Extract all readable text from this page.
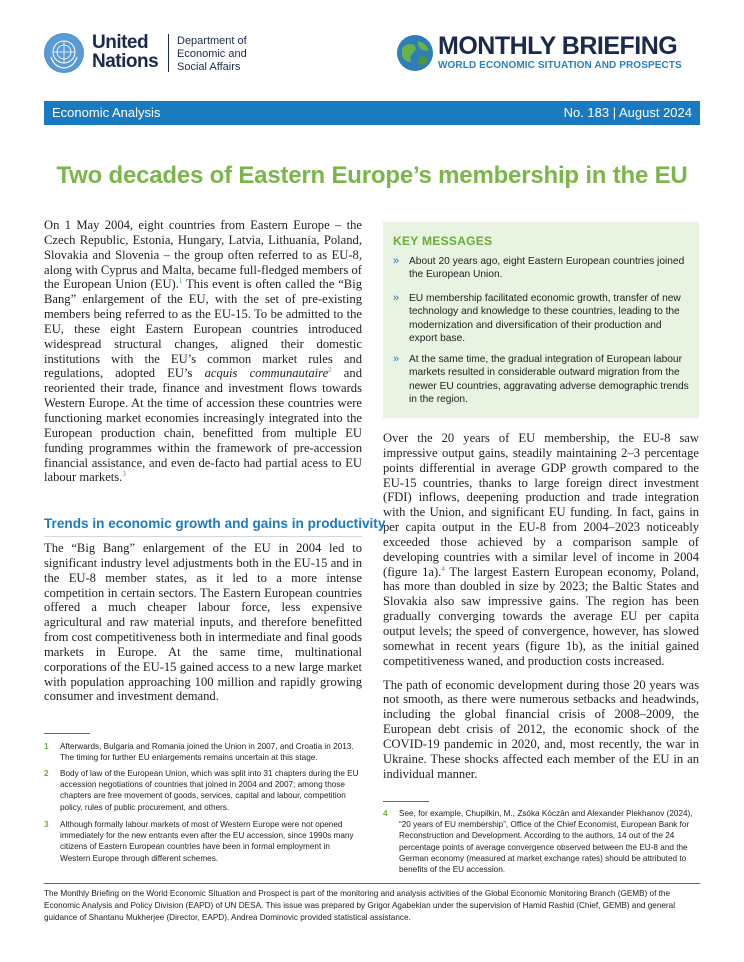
United
Nations
Department of
Economic and
Social Affairs
MONTHLY BRIEFING
WORLD ECONOMIC SITUATION AND PROSPECTS
Economic Analysis	No. 183 | August 2024
Two decades of Eastern Europe’s membership in the EU

On 1 May 2004, eight countries from Eastern Europe – the Czech Republic, Estonia, Hungary, Latvia, Lithuania, Poland, Slovakia and Slovenia – the group often referred to as EU-8, along with Cyprus and Malta, became full-fledged members of the European Union (EU).$^1$ This event is often called the “Big Bang” enlargement of the EU, with the set of pre-existing members being referred to as the EU-15. To be admitted to the EU, these eight Eastern European countries introduced widespread structural changes, aligned their domestic institutions with the EU’s common market rules and regulations, adopted EU’s acquis communautaire$^2$ and reoriented their trade, finance and investment flows towards Western Europe. At the time of accession these countries were functioning market economies increasingly integrated into the European production chain, benefitted from multiple EU funding programmes within the framework of pre-accession financial assistance, and even de-facto had partial acess to EU labour markets.$^3$

Trends in economic growth and gains in productivity

The “Big Bang” enlargement of the EU in 2004 led to significant industry level adjustments both in the EU-15 and in the EU-8 member states, as it led to a more intense competition in certain sectors. The Eastern European countries offered a much cheaper labour force, less expensive agricultural and raw material inputs, and therefore benefitted from cost competitiveness both in intermediate and final goods markets in Europe. At the same time, multinational corporations of the EU-15 gained access to a new large market with population approaching 100 million and rapidly growing consumer and investment demand.

KEY MESSAGES
» About 20 years ago, eight Eastern European countries joined the European Union.
» EU membership facilitated economic growth, transfer of new technology and knowledge to these countries, leading to the modernization and diversification of their production and export base.
» At the same time, the gradual integration of European labour markets resulted in considerable outward migration from the newer EU countries, aggravating adverse demographic trends in the region.

Over the 20 years of EU membership, the EU-8 saw impressive output gains, steadily maintaining 2–3 percentage points differential in average GDP growth compared to the EU-15 countries, thanks to large foreign direct investment (FDI) inflows, deepening production and trade integration with the Union, and significant EU funding. In fact, gains in per capita output in the EU-8 from 2004–2023 noticeably exceeded those achieved by a comparison sample of developing countries with a similar level of income in 2004 (figure 1a).$^4$ The largest Eastern European economy, Poland, has more than doubled in size by 2023; the Baltic States and Slovakia also saw impressive gains. The region has been gradually converging towards the average EU per capita output levels; the speed of convergence, however, has slowed somewhat in recent years (figure 1b), as the initial gained competitiveness waned, and production costs increased.

The path of economic development during those 20 years was not smooth, as there were numerous setbacks and headwinds, including the global financial crisis of 2008–2009, the European debt crisis of 2012, the economic shock of the COVID-19 pandemic in 2020, and, most recently, the war in Ukraine. These shocks affected each member of the EU in an individual manner.

1 Afterwards, Bulgaria and Romania joined the Union in 2007, and Croatia in 2013. The timing for further EU enlargements remains uncertain at this stage.
2 Body of law of the European Union, which was split into 31 chapters during the EU accession negotiations of countries that joined in 2004 and 2007; among those chapters are free movement of goods, services, capital and labour, competition policy, rules of public procurement, and others.
3 Although formally labour markets of most of Western Europe were not opened immediately for the new entrants even after the EU accession, since 1990s many citizens of Eastern European countries have been in formal employment in Western Europe through different schemes.
4 See, for example, Chupilkin, M., Zsóka Kóczán and Alexander Plekhanov (2024), “20 years of EU membership”, Office of the Chief Economist, European Bank for Reconstruction and Development. According to the authors, 14 out of the 24 percentage points of average convergence observed between the EU-8 and the German economy (measured at market exchange rates) should be attributed to benefits of the EU accession.
The Monthly Briefing on the World Economic Situation and Prospect is part of the monitoring and analysis activities of the Global Economic Monitoring Branch (GEMB) of the Economic Analysis and Policy Division (EAPD) of UN DESA. This issue was prepared by Grigor Agabekian under the supervision of Hamid Rashid (Chief, GEMB) and general guidance of Shantanu Mukherjee (Director, EAPD). Andrea Dominovic provided statistical assistance.
